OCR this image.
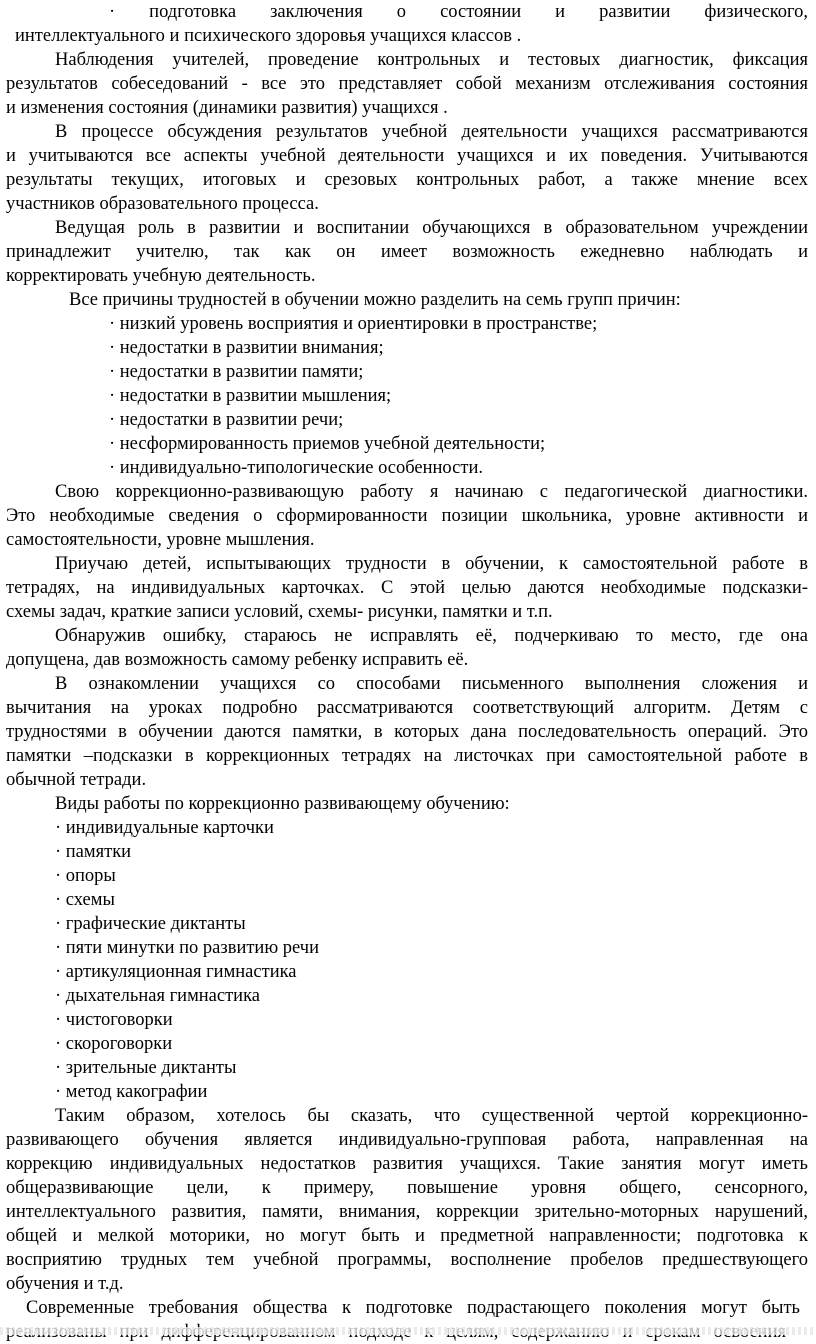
· подготовка заключения о состоянии и развитии физического,
интеллектуального и психического здоровья учащихся классов .
Наблюдения учителей, проведение контрольных и тестовых диагностик, фиксация
результатов собеседований - все это представляет собой механизм отслеживания состояния
и изменения состояния (динамики развития) учащихся .
В процессе обсуждения результатов учебной деятельности учащихся рассматриваются
и учитываются все аспекты учебной деятельности учащихся и их поведения. Учитываются
результаты текущих, итоговых и срезовых контрольных работ, а также мнение всех
участников образовательного процесса.
Ведущая роль в развитии и воспитании обучающихся в образовательном учреждении
принадлежит учителю, так как он имеет возможность ежедневно наблюдать и
корректировать учебную деятельность.
Все причины трудностей в обучении можно разделить на семь групп причин:
· низкий уровень восприятия и ориентировки в пространстве;
· недостатки в развитии внимания;
· недостатки в развитии памяти;
· недостатки в развитии мышления;
· недостатки в развитии речи;
· несформированность приемов учебной деятельности;
· индивидуально-типологические особенности.
Свою коррекционно-развивающую работу я начинаю с педагогической диагностики.
Это необходимые сведения о сформированности позиции школьника, уровне активности и
самостоятельности, уровне мышления.
Приучаю детей, испытывающих трудности в обучении, к самостоятельной работе в
тетрадях, на индивидуальных карточках. С этой целью даются необходимые подсказки-
схемы задач, краткие записи условий, схемы- рисунки, памятки и т.п.
Обнаружив ошибку, стараюсь не исправлять её, подчеркиваю то место, где она
допущена, дав возможность самому ребенку исправить её.
В ознакомлении учащихся со способами письменного выполнения сложения и
вычитания на уроках подробно рассматриваются соответствующий алгоритм. Детям с
трудностями в обучении даются памятки, в которых дана последовательность операций. Это
памятки –подсказки в коррекционных тетрадях на листочках при самостоятельной работе в
обычной тетради.
Виды работы по коррекционно развивающему обучению:
· индивидуальные карточки
· памятки
· опоры
· схемы
· графические диктанты
· пяти минутки по развитию речи
· артикуляционная гимнастика
· дыхательная гимнастика
· чистоговорки
· скороговорки
· зрительные диктанты
· метод какографии
Таким образом, хотелось бы сказать, что существенной чертой коррекционно-
развивающего обучения является индивидуально-групповая работа, направленная на
коррекцию индивидуальных недостатков развития учащихся. Такие занятия могут иметь
общеразвивающие цели, к примеру, повышение уровня общего, сенсорного,
интеллектуального развития, памяти, внимания, коррекции зрительно-моторных нарушений,
общей и мелкой моторики, но могут быть и предметной направленности; подготовка к
восприятию трудных тем учебной программы, восполнение пробелов предшествующего
обучения и т.д.
Современные требования общества к подготовке подрастающего поколения могут быть
